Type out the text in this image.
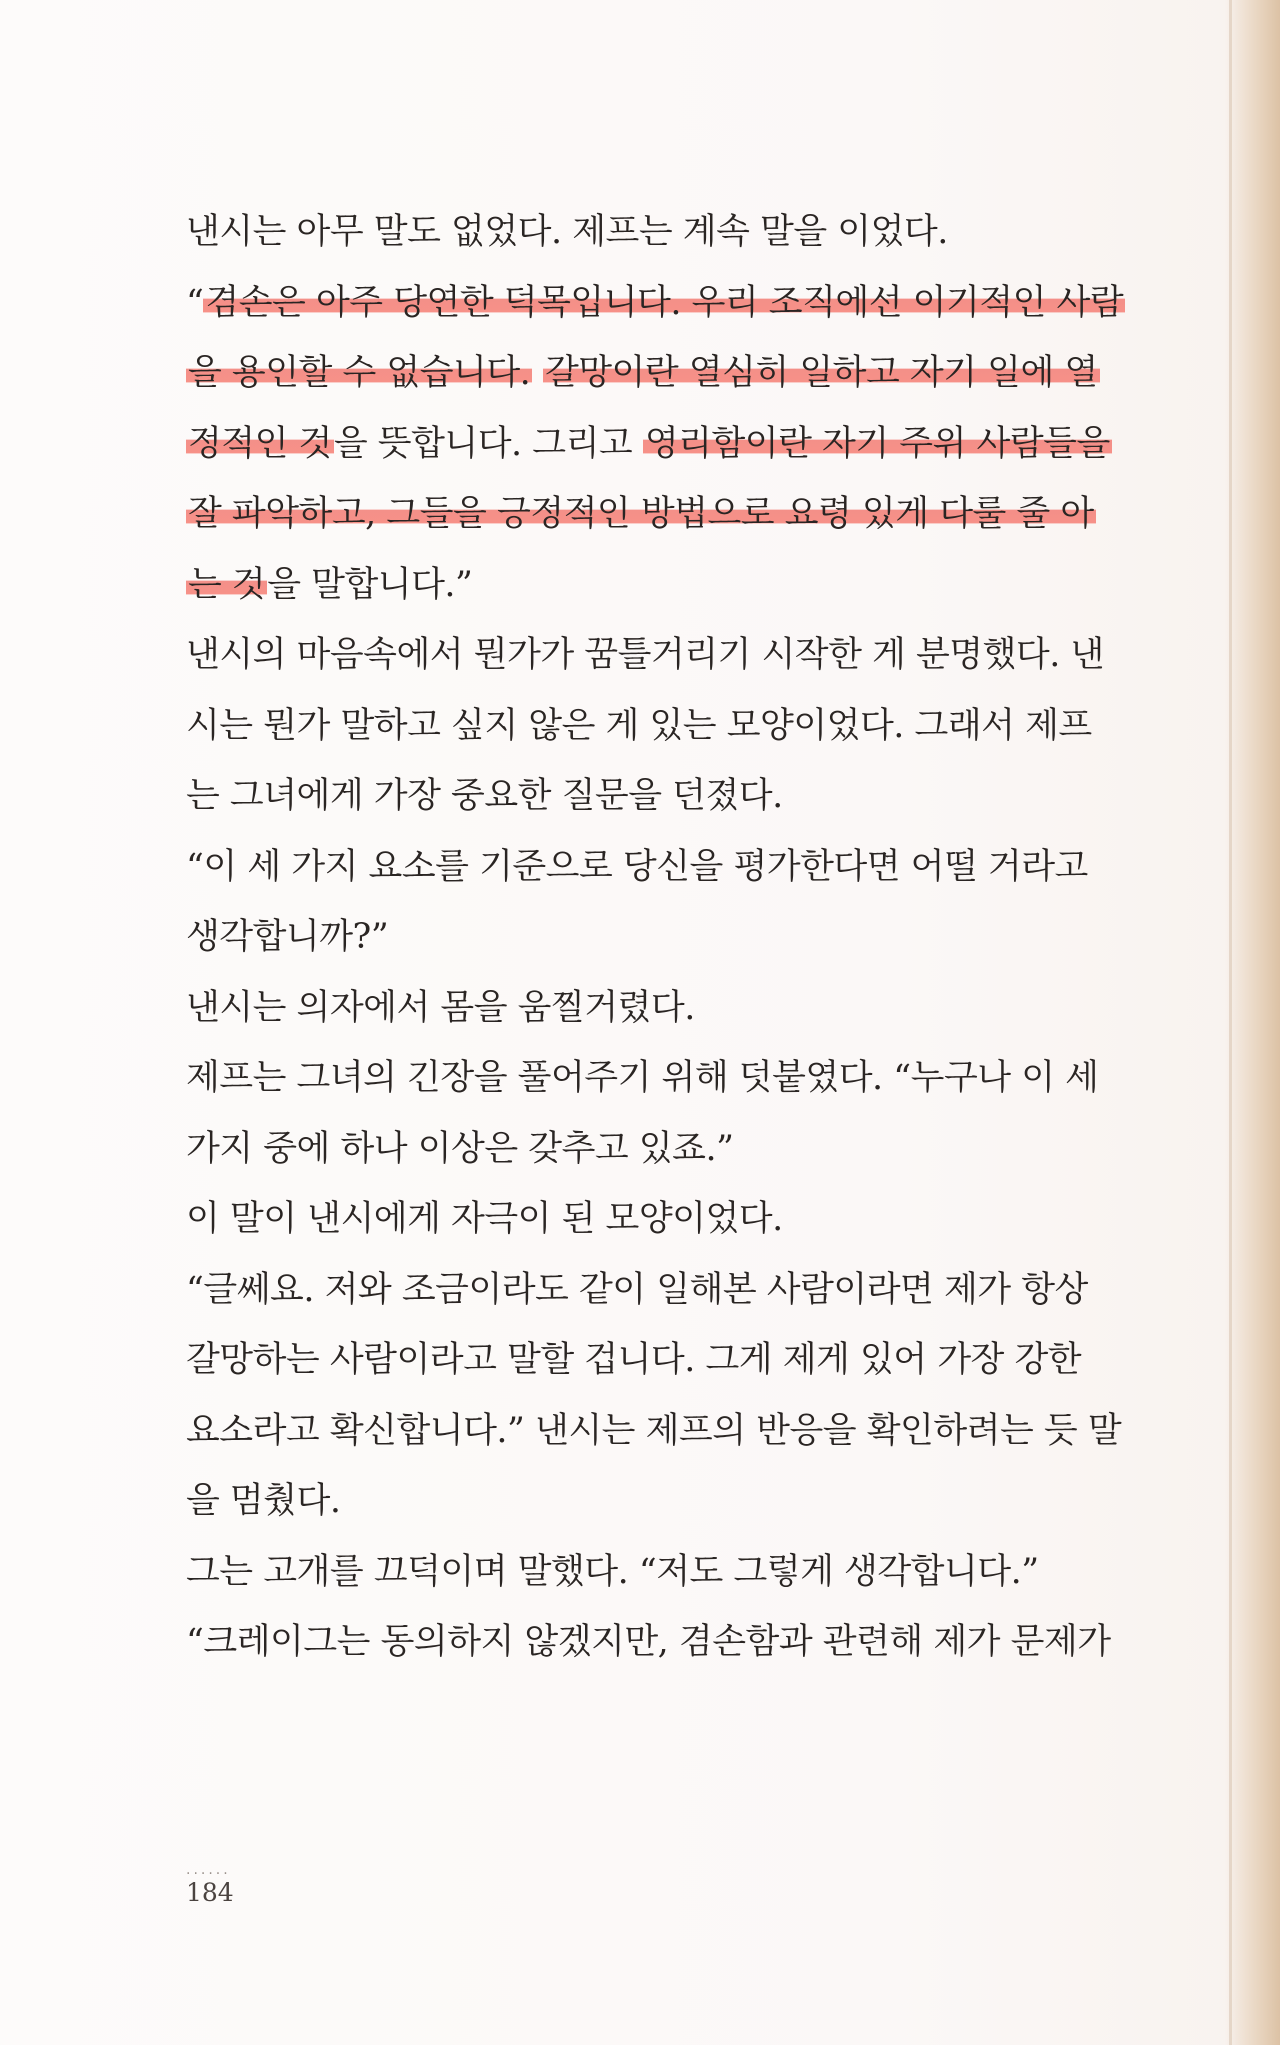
낸시는 아무 말도 없었다. 제프는 계속 말을 이었다.
“겸손은 아주 당연한 덕목입니다. 우리 조직에선 이기적인 사람
을 용인할 수 없습니다. 갈망이란 열심히 일하고 자기 일에 열
정적인 것을 뜻합니다. 그리고 영리함이란 자기 주위 사람들을
잘 파악하고, 그들을 긍정적인 방법으로 요령 있게 다룰 줄 아
는 것을 말합니다.”
낸시의 마음속에서 뭔가가 꿈틀거리기 시작한 게 분명했다. 낸
시는 뭔가 말하고 싶지 않은 게 있는 모양이었다. 그래서 제프
는 그녀에게 가장 중요한 질문을 던졌다.
“이 세 가지 요소를 기준으로 당신을 평가한다면 어떨 거라고
생각합니까?”
낸시는 의자에서 몸을 움찔거렸다.
제프는 그녀의 긴장을 풀어주기 위해 덧붙였다. “누구나 이 세
가지 중에 하나 이상은 갖추고 있죠.”
이 말이 낸시에게 자극이 된 모양이었다.
“글쎄요. 저와 조금이라도 같이 일해본 사람이라면 제가 항상
갈망하는 사람이라고 말할 겁니다. 그게 제게 있어 가장 강한
요소라고 확신합니다.” 낸시는 제프의 반응을 확인하려는 듯 말
을 멈췄다.
그는 고개를 끄덕이며 말했다. “저도 그렇게 생각합니다.”
“크레이그는 동의하지 않겠지만, 겸손함과 관련해 제가 문제가
......
184
